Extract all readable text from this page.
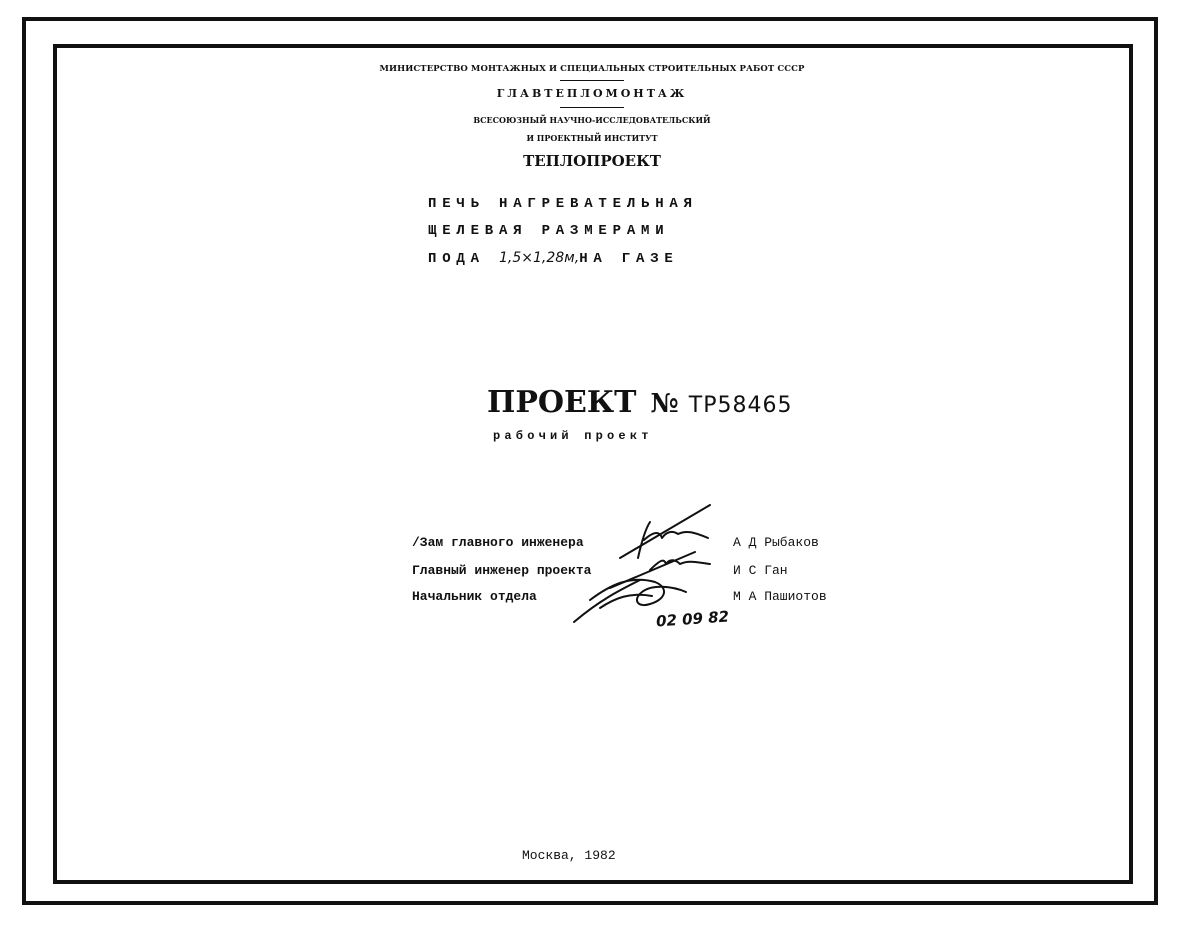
МИНИСТЕРСТВО МОНТАЖНЫХ И СПЕЦИАЛЬНЫХ СТРОИТЕЛЬНЫХ РАБОТ СССР
ГЛАВТЕПЛОМОНТАЖ
ВСЕСОЮЗНЫЙ НАУЧНО-ИССЛЕДОВАТЕЛЬСКИЙ
И ПРОЕКТНЫЙ ИНСТИТУТ
ТЕПЛОПРОЕКТ
ПЕЧЬ НАГРЕВАТЕЛЬНАЯ
ЩЕЛЕВАЯ РАЗМЕРАМИ
ПОДА 1,5×1,28м,НА ГАЗЕ
ПРОЕКТ № ТР58465
рабочий проект
/Зам главного инженера	А Д Рыбаков
Главный инженер проекта	И С Ган
Начальник отдела	М А Пашиотов
02 09 82
Москва, 1982
